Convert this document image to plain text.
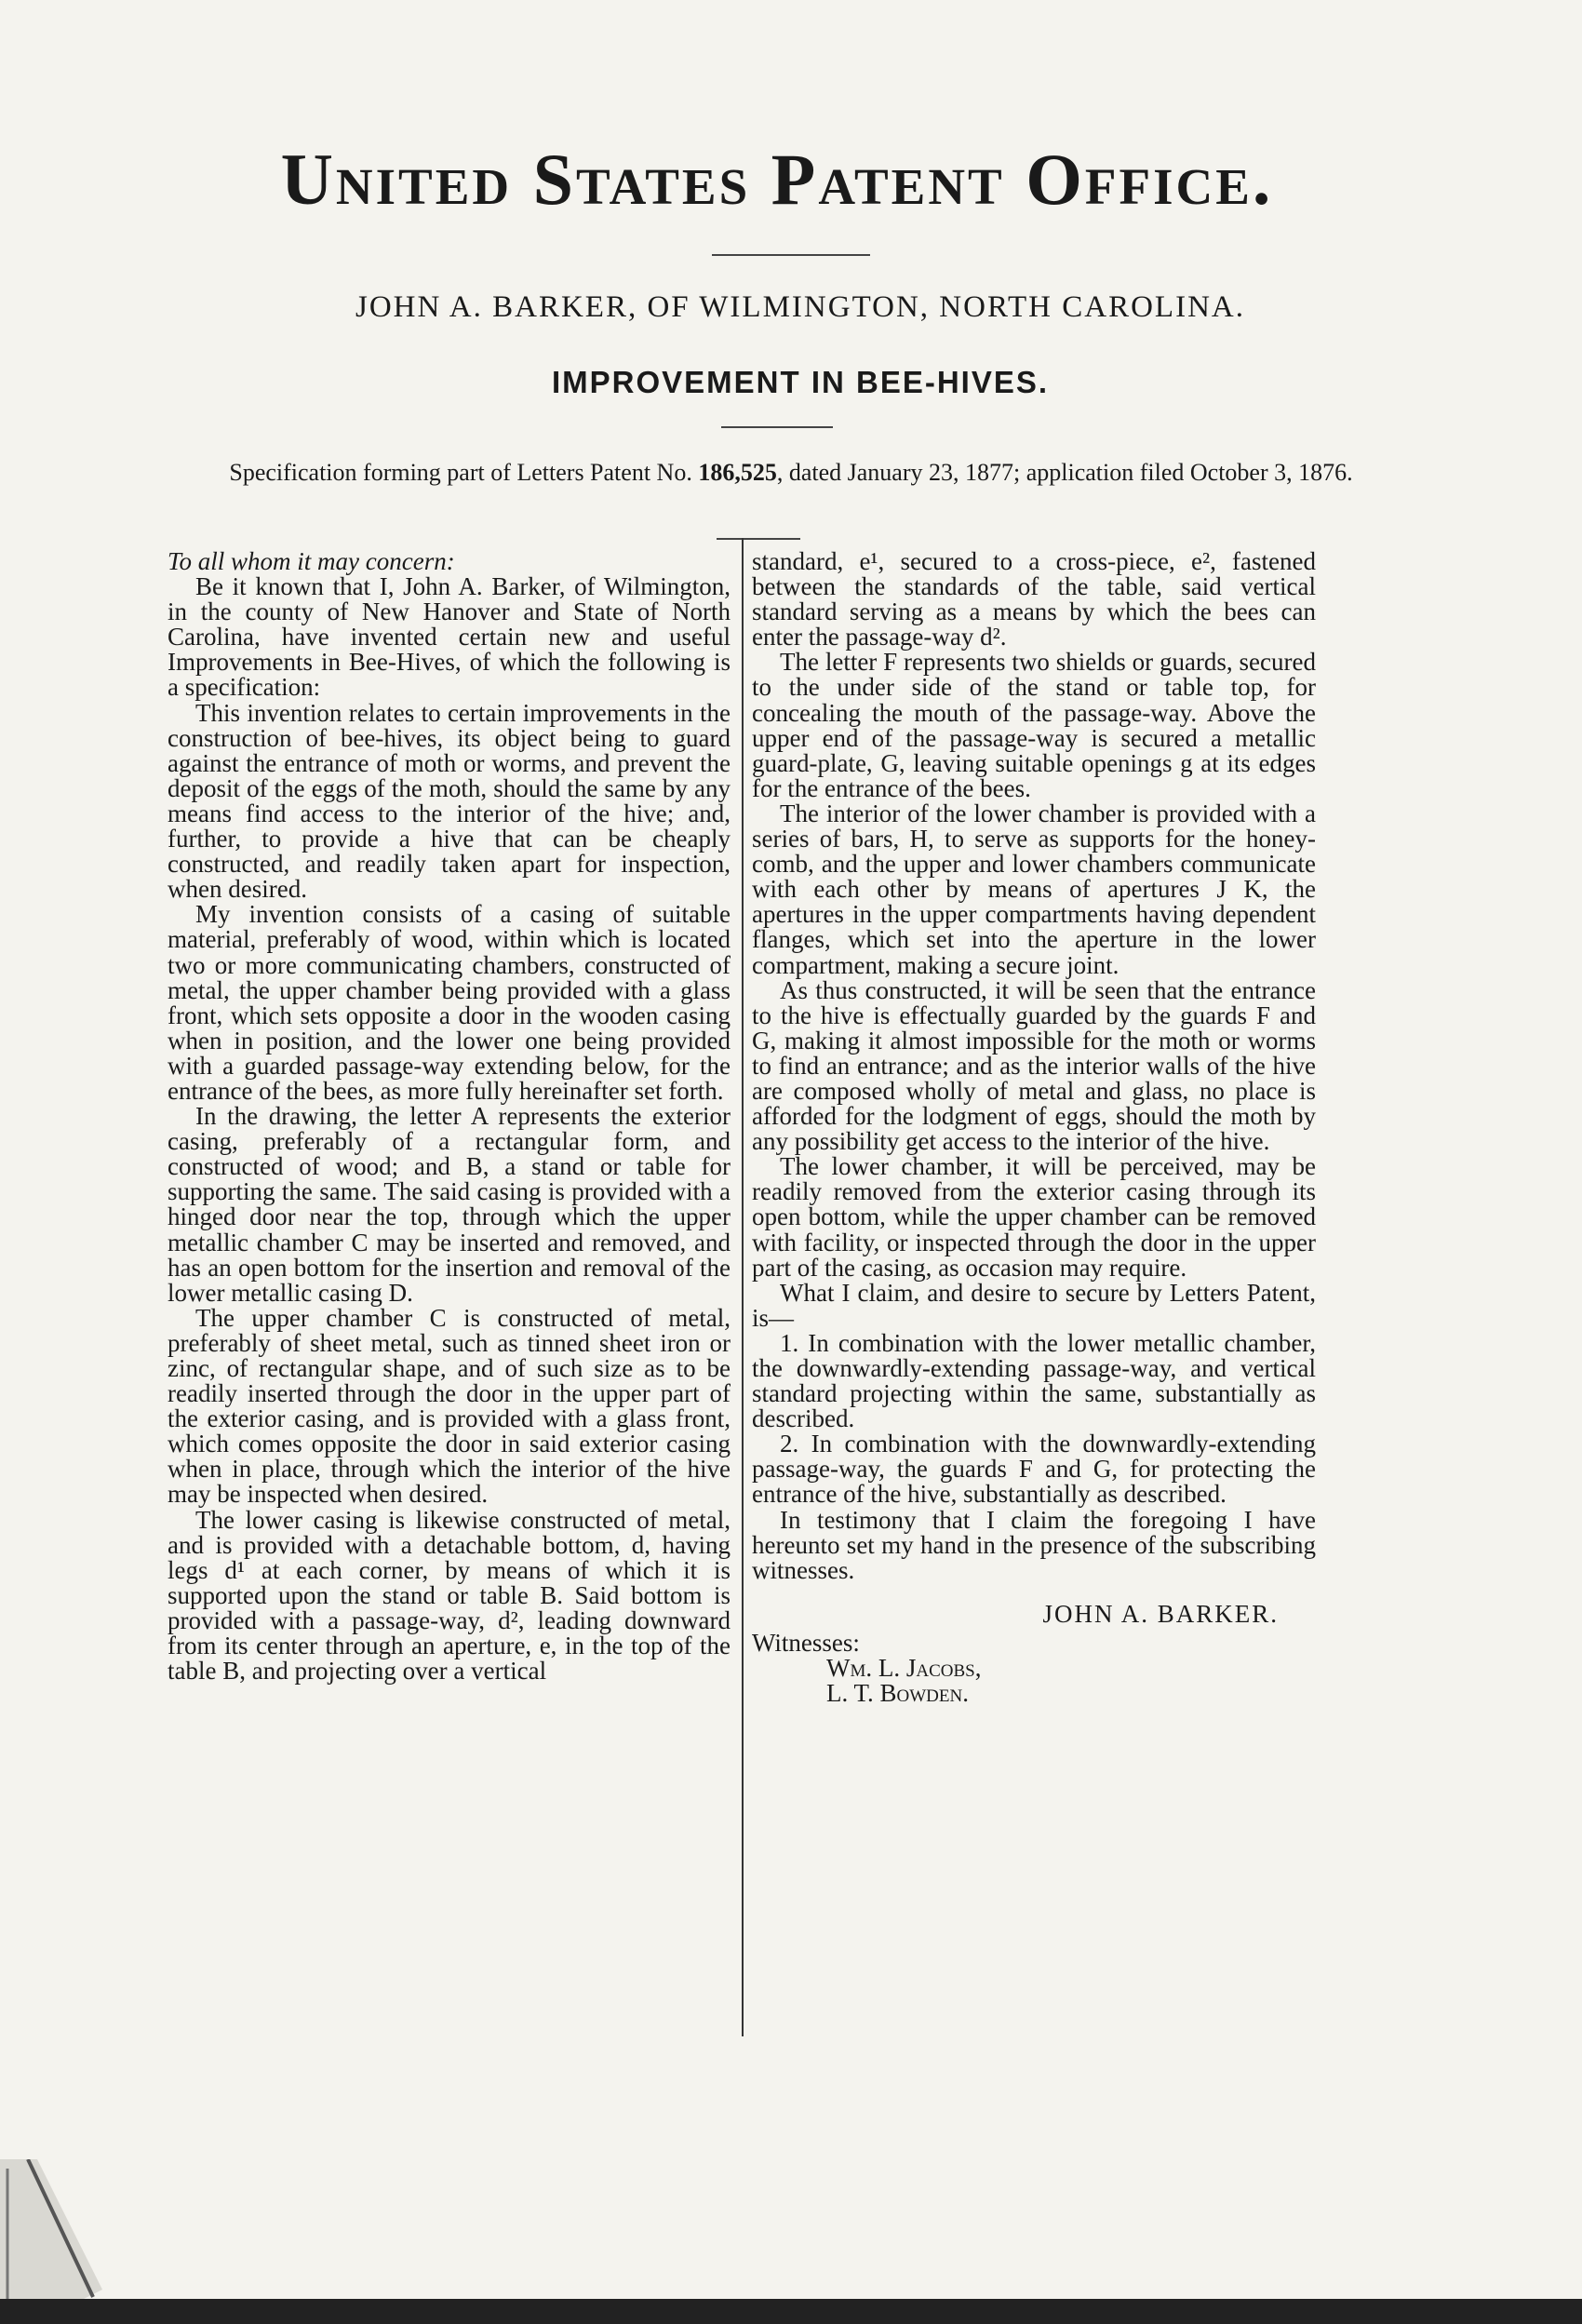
United States Patent Office.
JOHN A. BARKER, OF WILMINGTON, NORTH CAROLINA.
IMPROVEMENT IN BEE-HIVES.
Specification forming part of Letters Patent No. 186,525, dated January 23, 1877; application filed October 3, 1876.

To all whom it may concern:

Be it known that I, John A. Barker, of Wilmington, in the county of New Hanover and State of North Carolina, have invented certain new and useful Improvements in Bee-Hives, of which the following is a specification:

This invention relates to certain improvements in the construction of bee-hives, its object being to guard against the entrance of moth or worms, and prevent the deposit of the eggs of the moth, should the same by any means find access to the interior of the hive; and, further, to provide a hive that can be cheaply constructed, and readily taken apart for inspection, when desired.

My invention consists of a casing of suitable material, preferably of wood, within which is located two or more communicating chambers, constructed of metal, the upper chamber being provided with a glass front, which sets opposite a door in the wooden casing when in position, and the lower one being provided with a guarded passage-way extending below, for the entrance of the bees, as more fully hereinafter set forth.

In the drawing, the letter A represents the exterior casing, preferably of a rectangular form, and constructed of wood; and B, a stand or table for supporting the same. The said casing is provided with a hinged door near the top, through which the upper metallic chamber C may be inserted and removed, and has an open bottom for the insertion and removal of the lower metallic casing D.

The upper chamber C is constructed of metal, preferably of sheet metal, such as tinned sheet iron or zinc, of rectangular shape, and of such size as to be readily inserted through the door in the upper part of the exterior casing, and is provided with a glass front, which comes opposite the door in said exterior casing when in place, through which the interior of the hive may be inspected when desired.

The lower casing is likewise constructed of metal, and is provided with a detachable bottom, d, having legs d¹ at each corner, by means of which it is supported upon the stand or table B. Said bottom is provided with a passage-way, d², leading downward from its center through an aperture, e, in the top of the table B, and projecting over a vertical

standard, e¹, secured to a cross-piece, e², fastened between the standards of the table, said vertical standard serving as a means by which the bees can enter the passage-way d².

The letter F represents two shields or guards, secured to the under side of the stand or table top, for concealing the mouth of the passage-way. Above the upper end of the passage-way is secured a metallic guard-plate, G, leaving suitable openings g at its edges for the entrance of the bees.

The interior of the lower chamber is provided with a series of bars, H, to serve as supports for the honey-comb, and the upper and lower chambers communicate with each other by means of apertures J K, the apertures in the upper compartments having dependent flanges, which set into the aperture in the lower compartment, making a secure joint.

As thus constructed, it will be seen that the entrance to the hive is effectually guarded by the guards F and G, making it almost impossible for the moth or worms to find an entrance; and as the interior walls of the hive are composed wholly of metal and glass, no place is afforded for the lodgment of eggs, should the moth by any possibility get access to the interior of the hive.

The lower chamber, it will be perceived, may be readily removed from the exterior casing through its open bottom, while the upper chamber can be removed with facility, or inspected through the door in the upper part of the casing, as occasion may require.

What I claim, and desire to secure by Letters Patent, is—

1. In combination with the lower metallic chamber, the downwardly-extending passage-way, and vertical standard projecting within the same, substantially as described.

2. In combination with the downwardly-extending passage-way, the guards F and G, for protecting the entrance of the hive, substantially as described.

In testimony that I claim the foregoing I have hereunto set my hand in the presence of the subscribing witnesses.

JOHN A. BARKER.

Witnesses:

Wm. L. Jacobs,

L. T. Bowden.
